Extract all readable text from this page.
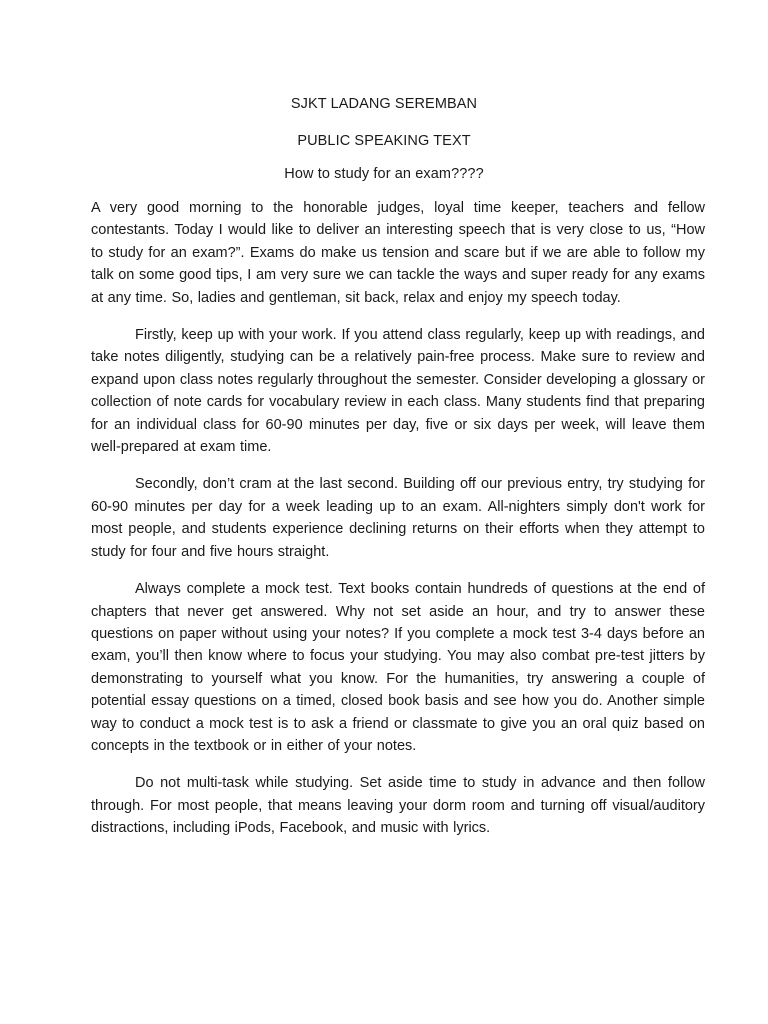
SJKT LADANG SEREMBAN
PUBLIC SPEAKING TEXT
How to study for an exam????

A very good morning to the honorable judges, loyal time keeper, teachers and fellow contestants. Today I would like to deliver an interesting speech that is very close to us, “How to study for an exam?”. Exams do make us tension and scare but if we are able to follow my talk on some good tips, I am very sure we can tackle the ways and super ready for any exams at any time. So, ladies and gentleman, sit back, relax and enjoy my speech today.

Firstly, keep up with your work. If you attend class regularly, keep up with readings, and take notes diligently, studying can be a relatively pain-free process. Make sure to review and expand upon class notes regularly throughout the semester. Consider developing a glossary or collection of note cards for vocabulary review in each class. Many students find that preparing for an individual class for 60-90 minutes per day, five or six days per week, will leave them well-prepared at exam time.

Secondly, don’t cram at the last second. Building off our previous entry, try studying for 60-90 minutes per day for a week leading up to an exam. All-nighters simply don't work for most people, and students experience declining returns on their efforts when they attempt to study for four and five hours straight.

Always complete a mock test. Text books contain hundreds of questions at the end of chapters that never get answered. Why not set aside an hour, and try to answer these questions on paper without using your notes? If you complete a mock test 3-4 days before an exam, you’ll then know where to focus your studying. You may also combat pre-test jitters by demonstrating to yourself what you know. For the humanities, try answering a couple of potential essay questions on a timed, closed book basis and see how you do. Another simple way to conduct a mock test is to ask a friend or classmate to give you an oral quiz based on concepts in the textbook or in either of your notes.

Do not multi-task while studying. Set aside time to study in advance and then follow through. For most people, that means leaving your dorm room and turning off visual/auditory distractions, including iPods, Facebook, and music with lyrics.
